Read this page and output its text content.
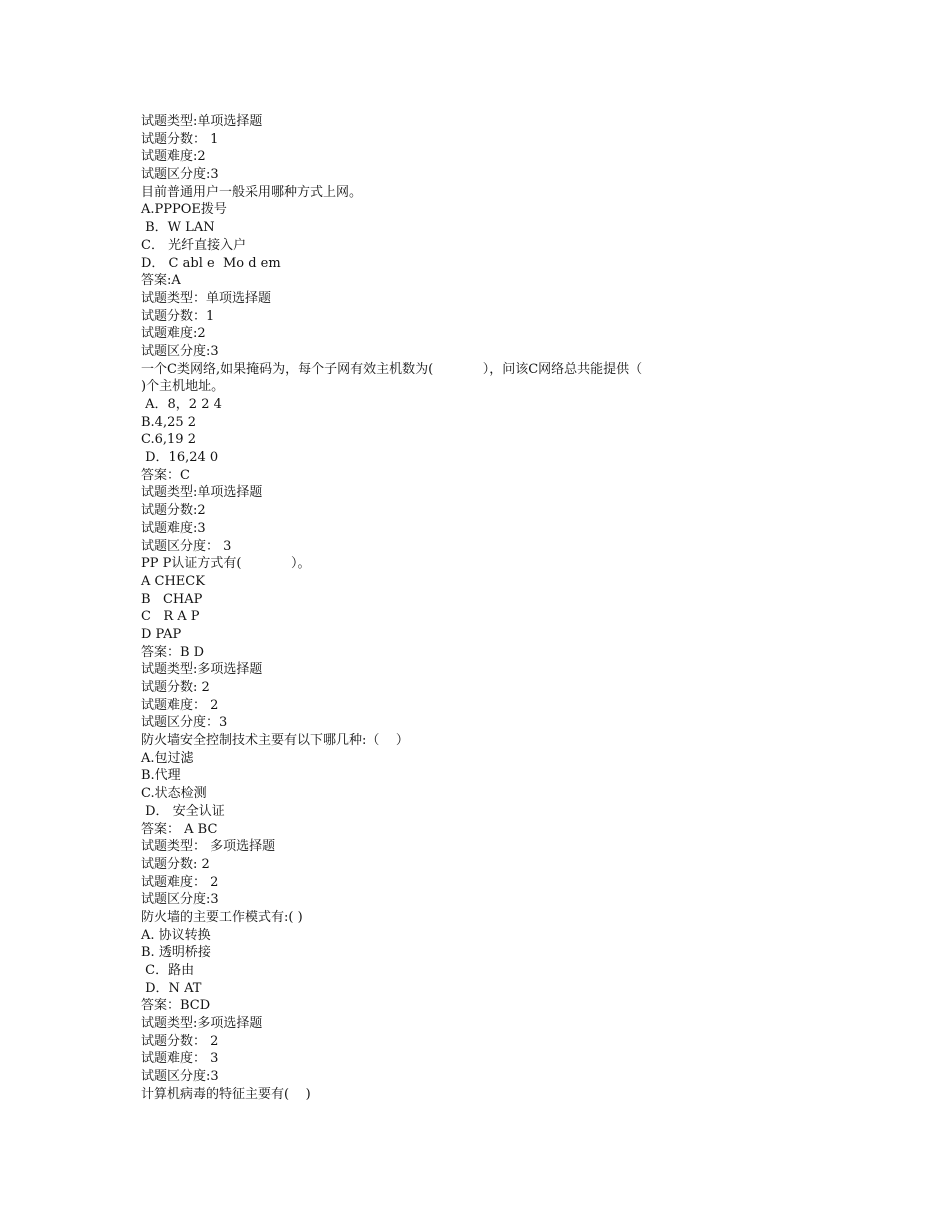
试题类型:单项选择题
试题分数： 1
试题难度:2
试题区分度:3
目前普通用户一般采用哪种方式上网。
A.PPPOE拨号
B．W LAN
C． 光纤直接入户
D． C abl e  Mo d em
答案:A
试题类型：单项选择题
试题分数：1
试题难度:2
试题区分度:3
一个C类网络,如果掩码为，每个子网有效主机数为(            ），问该C网络总共能提供（
)个主机地址。
A．8，2 2 4
B.4,25 2
C.6,19 2
D．16,24 0
答案：C
试题类型:单项选择题
试题分数:2
试题难度:3
试题区分度： 3
PP P认证方式有(            ）。
A CHECK
B   CHAP
C   R A P
D PAP
答案：B D
试题类型:多项选择题
试题分数: 2
试题难度： 2
试题区分度：3
防火墙安全控制技术主要有以下哪几种:（    ）
A.包过滤
B.代理
C.状态检测
D． 安全认证
答案： A BC
试题类型： 多项选择题
试题分数: 2
试题难度： 2
试题区分度:3
防火墙的主要工作模式有:( )
A. 协议转换
B. 透明桥接
C．路由
D．N AT
答案：BCD
试题类型:多项选择题
试题分数： 2
试题难度： 3
试题区分度:3
计算机病毒的特征主要有(    )
